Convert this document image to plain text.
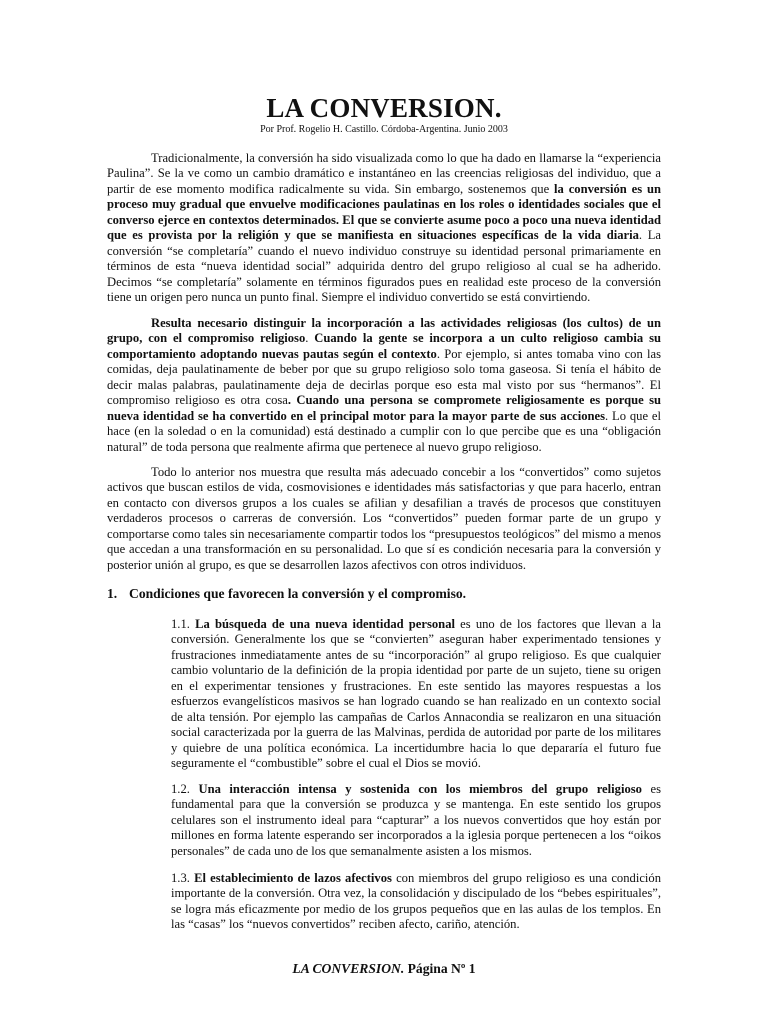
LA CONVERSION.

Por Prof. Rogelio H. Castillo. Córdoba-Argentina. Junio 2003

Tradicionalmente, la conversión ha sido visualizada como lo que ha dado en llamarse la “experiencia Paulina”. Se la ve como un cambio dramático e instantáneo en las creencias religiosas del individuo, que a partir de ese momento modifica radicalmente su vida. Sin embargo, sostenemos que la conversión es un proceso muy gradual que envuelve modificaciones paulatinas en los roles o identidades sociales que el converso ejerce en contextos determinados. El que se convierte asume poco a poco una nueva identidad que es provista por la religión y que se manifiesta en situaciones específicas de la vida diaria. La conversión “se completaría” cuando el nuevo individuo construye su identidad personal primariamente en términos de esta “nueva identidad social” adquirida dentro del grupo religioso al cual se ha adherido. Decimos “se completaría” solamente en términos figurados pues en realidad este proceso de la conversión tiene un origen pero nunca un punto final. Siempre el individuo convertido se está convirtiendo.

Resulta necesario distinguir la incorporación a las actividades religiosas (los cultos) de un grupo, con el compromiso religioso. Cuando la gente se incorpora a un culto religioso cambia su comportamiento adoptando nuevas pautas según el contexto. Por ejemplo, si antes tomaba vino con las comidas, deja paulatinamente de beber por que su grupo religioso solo toma gaseosa. Si tenía el hábito de decir malas palabras, paulatinamente deja de decirlas porque eso esta mal visto por sus “hermanos”. El compromiso religioso es otra cosa. Cuando una persona se compromete religiosamente es porque su nueva identidad se ha convertido en el principal motor para la mayor parte de sus acciones. Lo que el hace (en la soledad o en la comunidad) está destinado a cumplir con lo que percibe que es una “obligación natural” de toda persona que realmente afirma que pertenece al nuevo grupo religioso.

Todo lo anterior nos muestra que resulta más adecuado concebir a los “convertidos” como sujetos activos que buscan estilos de vida, cosmovisiones e identidades más satisfactorias y que para hacerlo, entran en contacto con diversos grupos a los cuales se afilian y desafilian a través de procesos que constituyen verdaderos procesos o carreras de conversión. Los “convertidos” pueden formar parte de un grupo y comportarse como tales sin necesariamente compartir todos los “presupuestos teológicos” del mismo a menos que accedan a una transformación en su personalidad. Lo que sí es condición necesaria para la conversión y posterior unión al grupo, es que se desarrollen lazos afectivos con otros individuos.

1. Condiciones que favorecen la conversión y el compromiso.

1.1. La búsqueda de una nueva identidad personal es uno de los factores que llevan a la conversión. Generalmente los que se “convierten” aseguran haber experimentado tensiones y frustraciones inmediatamente antes de su “incorporación” al grupo religioso. Es que cualquier cambio voluntario de la definición de la propia identidad por parte de un sujeto, tiene su origen en el experimentar tensiones y frustraciones. En este sentido las mayores respuestas a los esfuerzos evangelísticos masivos se han logrado cuando se han realizado en un contexto social de alta tensión. Por ejemplo las campañas de Carlos Annacondia se realizaron en una situación social caracterizada por la guerra de las Malvinas, perdida de autoridad por parte de los militares y quiebre de una política económica. La incertidumbre hacia lo que depararía el futuro fue seguramente el “combustible” sobre el cual el Dios se movió.

1.2. Una interacción intensa y sostenida con los miembros del grupo religioso es fundamental para que la conversión se produzca y se mantenga. En este sentido los grupos celulares son el instrumento ideal para “capturar” a los nuevos convertidos que hoy están por millones en forma latente esperando ser incorporados a la iglesia porque pertenecen a los “oikos personales” de cada uno de los que semanalmente asisten a los mismos.

1.3. El establecimiento de lazos afectivos con miembros del grupo religioso es una condición importante de la conversión. Otra vez, la consolidación y discipulado de los “bebes espirituales”, se logra más eficazmente por medio de los grupos pequeños que en las aulas de los templos. En las “casas” los “nuevos convertidos” reciben afecto, cariño, atención.

LA CONVERSION. Página Nº 1
